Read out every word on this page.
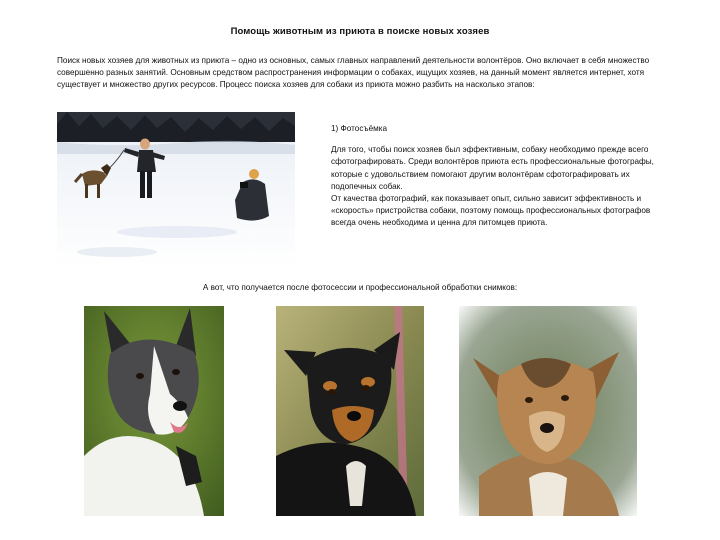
Помощь животным из приюта в поиске новых хозяев

Поиск новых хозяев для животных из приюта – одно из основных, самых главных направлений деятельности волонтёров. Оно включает в себя множество совершенно разных занятий. Основным средством распространения информации о собаках, ищущих хозяев, на данный момент является интернет, хотя существует и множество других ресурсов. Процесс поиска хозяев для собаки из приюта можно разбить на насколько этапов:

1) Фотосъёмка

Для того, чтобы поиск хозяев был эффективным, собаку необходимо прежде всего сфотографировать. Среди волонтёров приюта есть профессиональные фотографы, которые с удовольствием помогают другим волонтёрам сфотографировать их подопечных собак.

От качества фотографий, как показывает опыт, сильно зависит эффективность и «скорость» пристройства собаки, поэтому помощь профессиональных фотографов всегда очень необходима и ценна для питомцев приюта.

А вот, что получается после фотосессии и профессиональной обработки снимков:
